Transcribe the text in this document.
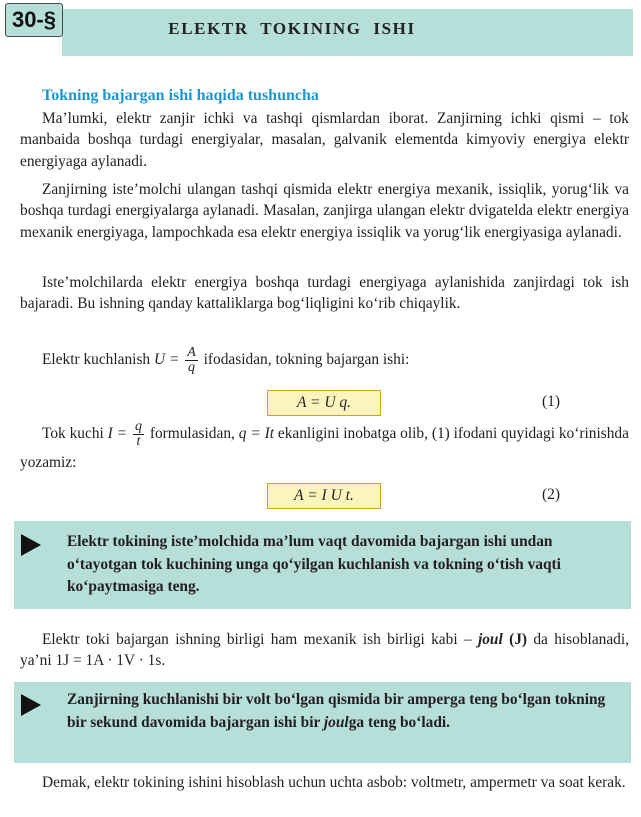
30-§	ELEKTR TOKINING ISHI
Tokning bajargan ishi haqida tushuncha

Ma’lumki, elektr zanjir ichki va tashqi qismlardan iborat. Zanjirning ichki qismi – tok manbaida boshqa turdagi energiyalar, masalan, galvanik elementda kimyoviy energiya elektr energiyaga aylanadi.

Zanjirning iste’molchi ulangan tashqi qismida elektr energiya mexanik, issiqlik, yorug‘lik va boshqa turdagi energiyalarga aylanadi. Masalan, zanjirga ulangan elektr dvigatelda elektr energiya mexanik energiyaga, lampochkada esa elektr energiya issiqlik va yorug‘lik energiyasiga aylanadi.

Iste’molchilarda elektr energiya boshqa turdagi energiyaga aylanishida zanjirdagi tok ish bajaradi. Bu ishning qanday kattaliklarga bog‘liqligini ko‘rib chiqaylik.

Elektr kuchlanish $U = \frac{A}{q}$ ifodasidan, tokning bajargan ishi:

A = U q.	(1)

Tok kuchi $I = \frac{q}{t}$ formulasidan, q = It ekanligini inobatga olib, (1) ifodani quyidagi ko‘rinishda yozamiz:

A = I U t.	(2)

Elektr tokining iste’molchida ma’lum vaqt davomida bajargan ishi undan o‘tayotgan tok kuchining unga qo‘yilgan kuchlanish va tokning o‘tish vaqti ko‘paytmasiga teng.

Elektr toki bajargan ishning birligi ham mexanik ish birligi kabi – joul (J) da hisoblanadi, ya’ni 1J = 1A · 1V · 1s.

Zanjirning kuchlanishi bir volt bo‘lgan qismida bir amperga teng bo‘lgan tokning bir sekund davomida bajargan ishi bir joulga teng bo‘ladi.

Demak, elektr tokining ishini hisoblash uchun uchta asbob: voltmetr, ampermetr va soat kerak.
